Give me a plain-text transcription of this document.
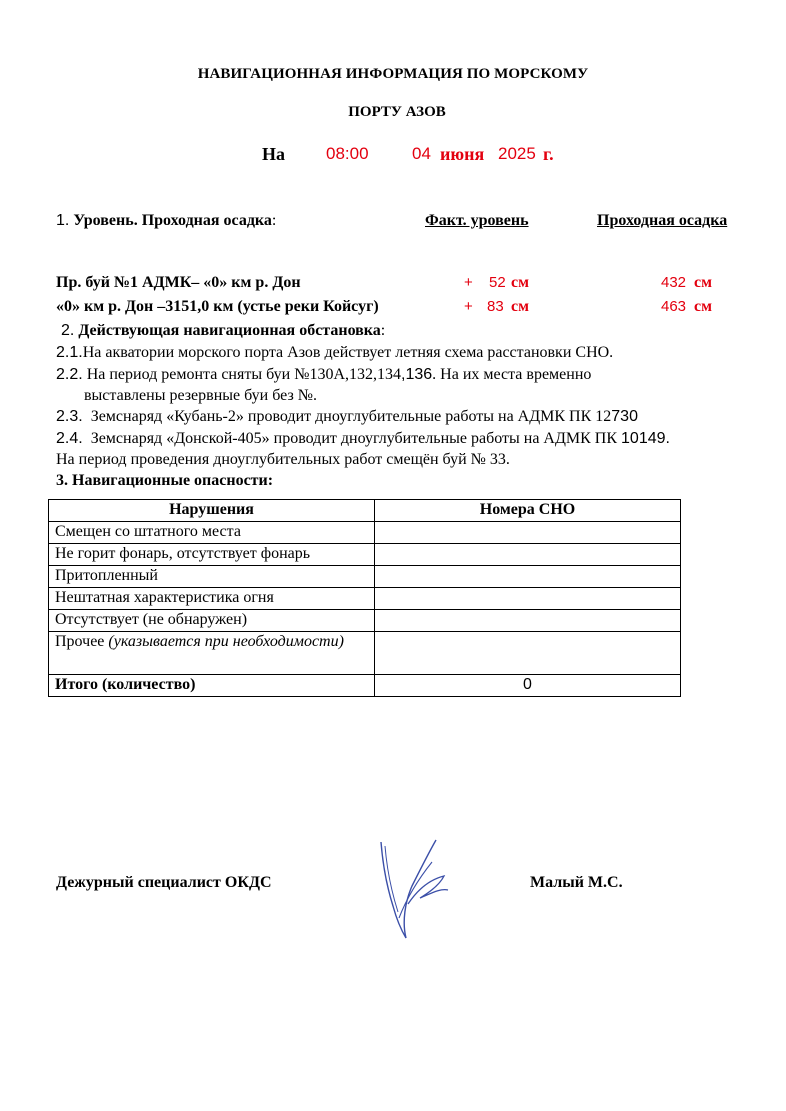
НАВИГАЦИОННАЯ ИНФОРМАЦИЯ ПО МОРСКОМУ
ПОРТУ АЗОВ
На 08:00	04 июня 2025 г.
1. Уровень. Проходная осадка:	Факт. уровень	Проходная осадка
Пр. буй №1 АДМК– «0» км р. Дон	+ 52 см	432 см
«0» км р. Дон –3151,0 км (устье реки Койсуг)	+ 83 см	463 см
2. Действующая навигационная обстановка:
2.1.На акватории морского порта Азов действует летняя схема расстановки СНО.
2.2. На период ремонта сняты буи №130А,132,134,136. На их места временно
выставлены резервные буи без №.
2.3. Земснаряд «Кубань-2» проводит дноуглубительные работы на АДМК ПК 12730
2.4. Земснаряд «Донской-405» проводит дноуглубительные работы на АДМК ПК 10149.
На период проведения дноуглубительных работ смещён буй № 33.
3. Навигационные опасности:
Нарушения	Номера СНО
Смещен со штатного места	
Не горит фонарь, отсутствует фонарь	
Притопленный	
Нештатная характеристика огня	
Отсутствует (не обнаружен)	
Прочее (указывается при необходимости)	
Итого (количество)	0
Дежурный специалист ОКДС	Малый М.С.
